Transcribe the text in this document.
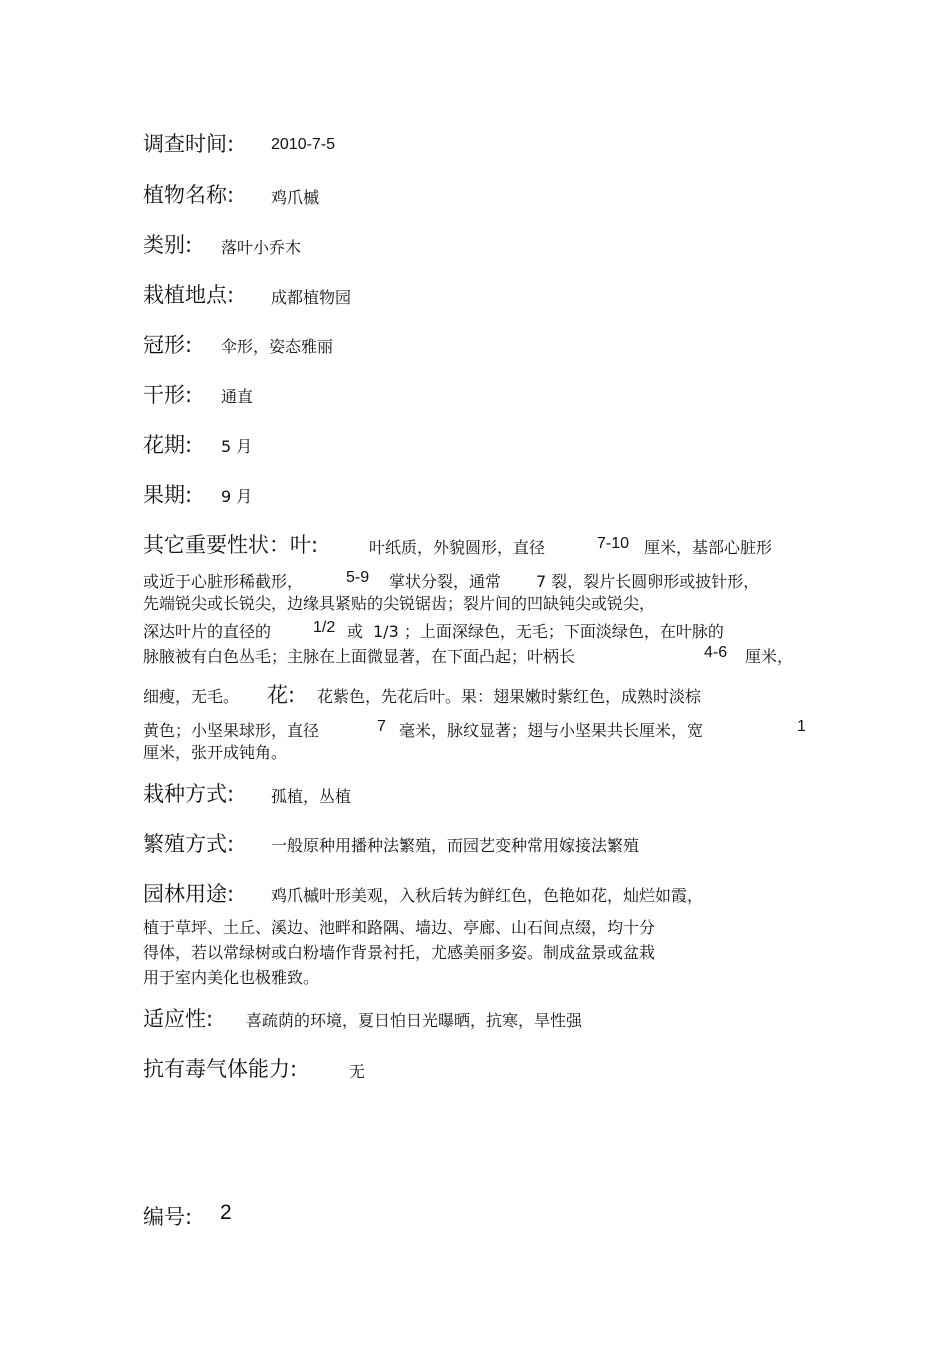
调查时间: 2010-7-5
植物名称: 鸡爪槭
类别: 落叶小乔木
栽植地点: 成都植物园
冠形: 伞形，姿态雅丽
干形: 通直
花期: 5 月
果期: 9 月
其它重要性状：叶:	叶纸质，外貌圆形，直径	7-10 厘米，基部心脏形
或近于心脏形稀截形，	5-9 掌状分裂，通常 7 裂，裂片长圆卵形或披针形，
先端锐尖或长锐尖，边缘具紧贴的尖锐锯齿；裂片间的凹缺钝尖或锐尖，
深达叶片的直径的	1/2 或 1/3 ；上面深绿色，无毛；下面淡绿色，在叶脉的
脉腋被有白色丛毛；主脉在上面微显著，在下面凸起；叶柄长	4-6 厘米，
细瘦，无毛。 花: 花紫色，先花后叶。果：翅果嫩时紫红色，成熟时淡棕
黄色；小坚果球形，直径	7 毫米，脉纹显著；翅与小坚果共长厘米，宽	1
厘米，张开成钝角。
栽种方式: 孤植，丛植
繁殖方式: 一般原种用播种法繁殖，而园艺变种常用嫁接法繁殖
园林用途: 鸡爪槭叶形美观，入秋后转为鲜红色，色艳如花，灿烂如霞，
植于草坪、土丘、溪边、池畔和路隅、墙边、亭廊、山石间点缀，均十分
得体，若以常绿树或白粉墙作背景衬托，尤感美丽多姿。制成盆景或盆栽
用于室内美化也极雅致。
适应性: 喜疏荫的环境，夏日怕日光曝晒，抗寒，旱性强
抗有毒气体能力:	无
编号: 2
